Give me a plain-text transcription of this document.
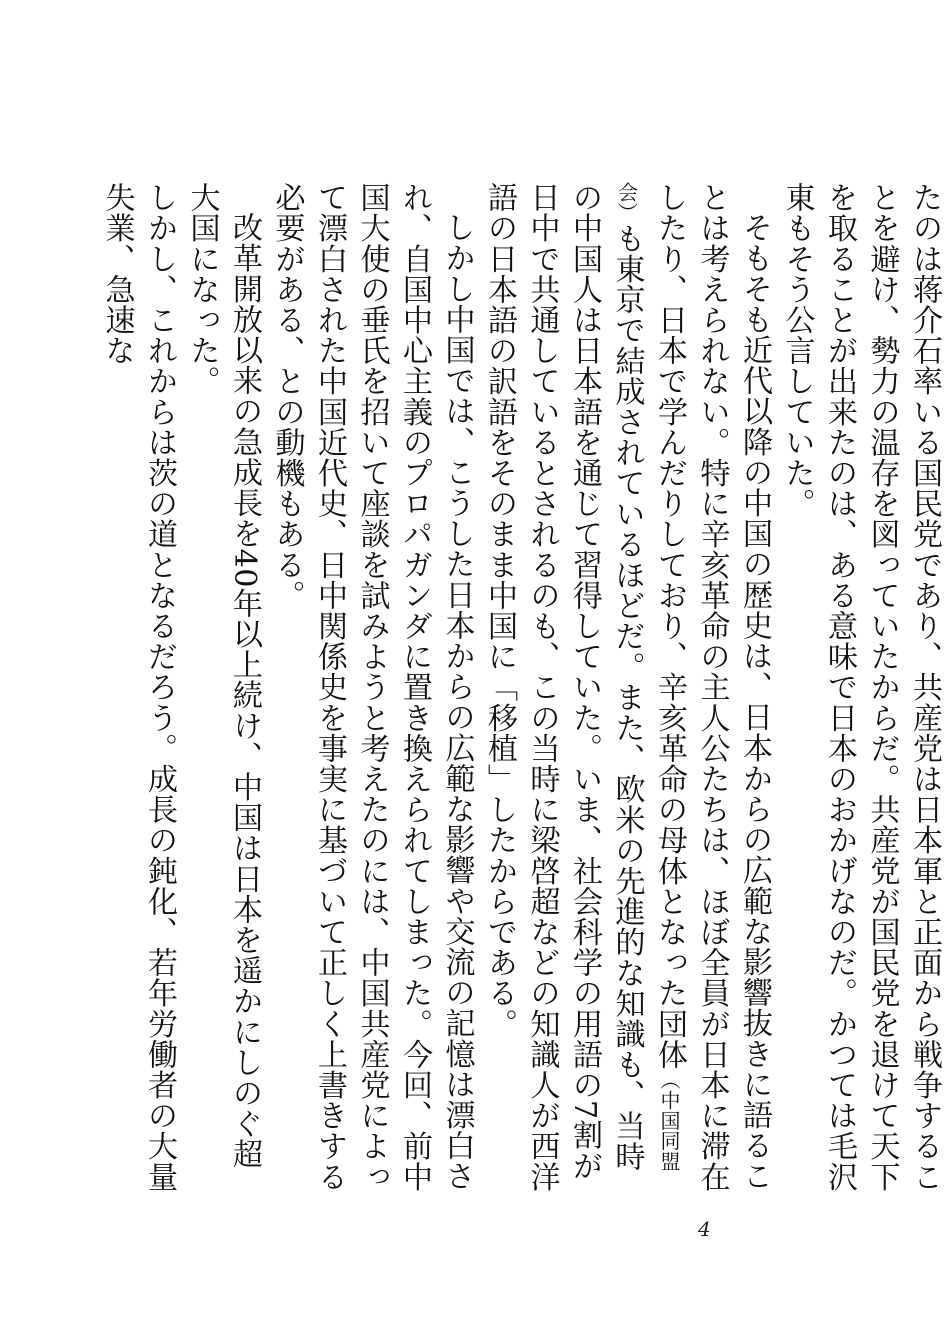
たのは蒋介石率いる国民党であり、共産党は日本軍と正面から戦争することを避け、勢力の温存を図っていたからだ。共産党が国民党を退けて天下を取ることが出来たのは、ある意味で日本のおかげなのだ。かつては毛沢東もそう公言していた。

そもそも近代以降の中国の歴史は、日本からの広範な影響抜きに語ることは考えられない。特に辛亥革命の主人公たちは、ほぼ全員が日本に滞在したり、日本で学んだりしており、辛亥革命の母体となった団体（中国同盟会）も東京で結成されているほどだ。また、欧米の先進的な知識も、当時の中国人は日本語を通じて習得していた。いま、社会科学の用語の7割が日中で共通しているとされるのも、この当時に梁啓超などの知識人が西洋語の日本語の訳語をそのまま中国に「移植」したからである。

しかし中国では、こうした日本からの広範な影響や交流の記憶は漂白され、自国中心主義のプロパガンダに置き換えられてしまった。今回、前中国大使の垂氏を招いて座談を試みようと考えたのには、中国共産党によって漂白された中国近代史、日中関係史を事実に基づいて正しく上書きする必要がある、との動機もある。

改革開放以来の急成長を40年以上続け、中国は日本を遥かにしのぐ超大国になった。

しかし、これからは茨の道となるだろう。成長の鈍化、若年労働者の大量失業、急速な

4
